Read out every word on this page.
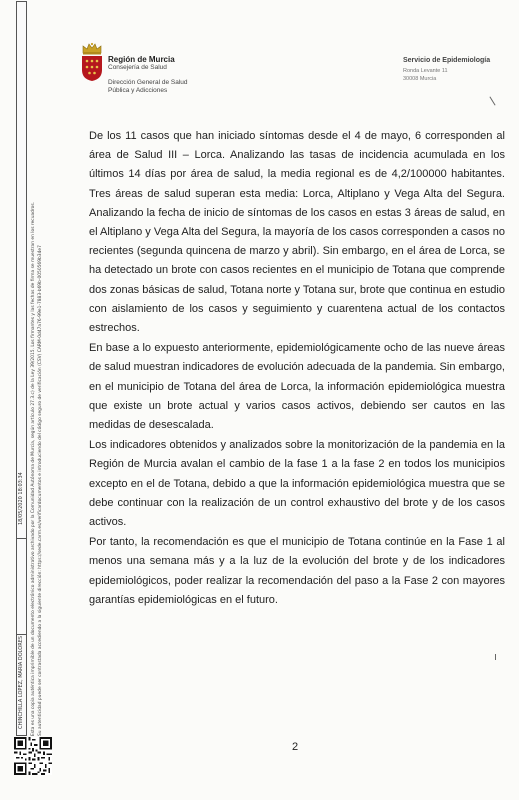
Región de Murcia
Consejería de Salud
Dirección General de Salud
Pública y Adicciones
Servicio de Epidemiología
Ronda Levante 11
30008 Murcia

De los 11 casos que han iniciado síntomas desde el 4 de mayo, 6 corresponden al área de Salud III – Lorca. Analizando las tasas de incidencia acumulada en los últimos 14 días por área de salud, la media regional es de 4,2/100000 habitantes. Tres áreas de salud superan esta media: Lorca, Altiplano y Vega Alta del Segura. Analizando la fecha de inicio de síntomas de los casos en estas 3 áreas de salud, en el Altiplano y Vega Alta del Segura, la mayoría de los casos corresponden a casos no recientes (segunda quincena de marzo y abril). Sin embargo, en el área de Lorca, se ha detectado un brote con casos recientes en el municipio de Totana que comprende dos zonas básicas de salud, Totana norte y Totana sur, brote que continua en estudio con aislamiento de los casos y seguimiento y cuarentena actual de los contactos estrechos.

En base a lo expuesto anteriormente, epidemiológicamente ocho de las nueve áreas de salud muestran indicadores de evolución adecuada de la pandemia. Sin embargo, en el municipio de Totana del área de Lorca, la información epidemiológica muestra que existe un brote actual y varios casos activos, debiendo ser cautos en las medidas de desescalada.

Los indicadores obtenidos y analizados sobre la monitorización de la pandemia en la Región de Murcia avalan el cambio de la fase 1 a la fase 2 en todos los municipios excepto en el de Totana, debido a que la información epidemiológica muestra que se debe continuar con la realización de un control exhaustivo del brote y de los casos activos.

Por tanto, la recomendación es que el municipio de Totana continúe en la Fase 1 al menos una semana más y a la luz de la evolución del brote y de los indicadores epidemiológicos, poder realizar la recomendación del paso a la Fase 2 con mayores garantías epidemiológicas en el futuro.

2
CHINCHILLA LOPEZ, MARIA DOLORES
18/05/2020 18:03:34 Esta es una copia auténtica imprimible de un documento electrónico administrativo archivado por la Comunidad Autónoma de Murcia, según artículo 27.3.c) de la Ley 39/2015. Los firmantes y las fechas de firma se muestran en los recuadros. Su autenticidad puede ser contrastada accediendo a la siguiente dirección: https://sede.carm.es/verificardocumentos e introduciendo del código seguro de verificación (CSV) CARM-0d47a76-99e1-7883-b69b-0050569b34e7
